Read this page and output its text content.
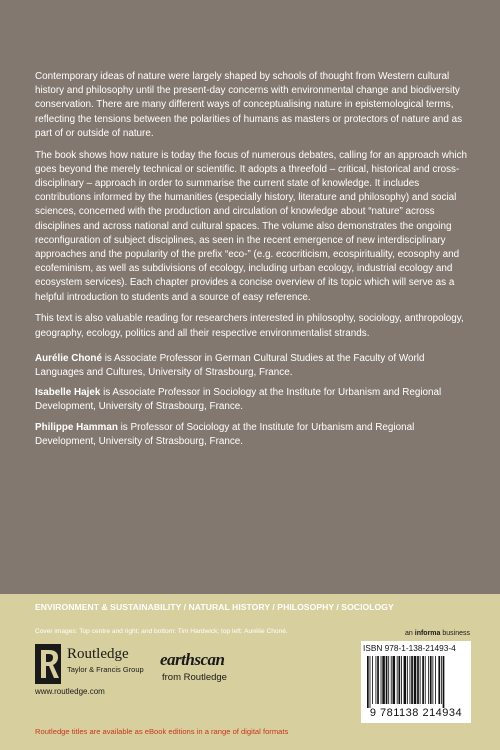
Contemporary ideas of nature were largely shaped by schools of thought from Western cultural history and philosophy until the present-day concerns with environmental change and biodiversity conservation. There are many different ways of conceptualising nature in epistemological terms, reflecting the tensions between the polarities of humans as masters or protectors of nature and as part of or outside of nature.

The book shows how nature is today the focus of numerous debates, calling for an approach which goes beyond the merely technical or scientific. It adopts a threefold – critical, historical and cross-disciplinary – approach in order to summarise the current state of knowledge. It includes contributions informed by the humanities (especially history, literature and philosophy) and social sciences, concerned with the production and circulation of knowledge about “nature” across disciplines and across national and cultural spaces. The volume also demonstrates the ongoing reconfiguration of subject disciplines, as seen in the recent emergence of new interdisciplinary approaches and the popularity of the prefix “eco-” (e.g. ecocriticism, ecospirituality, ecosophy and ecofeminism, as well as subdivisions of ecology, including urban ecology, industrial ecology and ecosystem services). Each chapter provides a concise overview of its topic which will serve as a helpful introduction to students and a source of easy reference.

This text is also valuable reading for researchers interested in philosophy, sociology, anthropology, geography, ecology, politics and all their respective environmentalist strands.

Aurélie Choné is Associate Professor in German Cultural Studies at the Faculty of World Languages and Cultures, University of Strasbourg, France.

Isabelle Hajek is Associate Professor in Sociology at the Institute for Urbanism and Regional Development, University of Strasbourg, France.

Philippe Hamman is Professor of Sociology at the Institute for Urbanism and Regional Development, University of Strasbourg, France.

ENVIRONMENT & SUSTAINABILITY / NATURAL HISTORY / PHILOSOPHY / SOCIOLOGY
Cover images: Top centre and right; and bottom: Tim Hardwick; top left: Aurélie Choné.
Routledge
Taylor & Francis Group
www.routledge.com
earthscan
from Routledge
an informa business
ISBN 978-1-138-21493-4
9 781138 214934
Routledge titles are available as eBook editions in a range of digital formats
